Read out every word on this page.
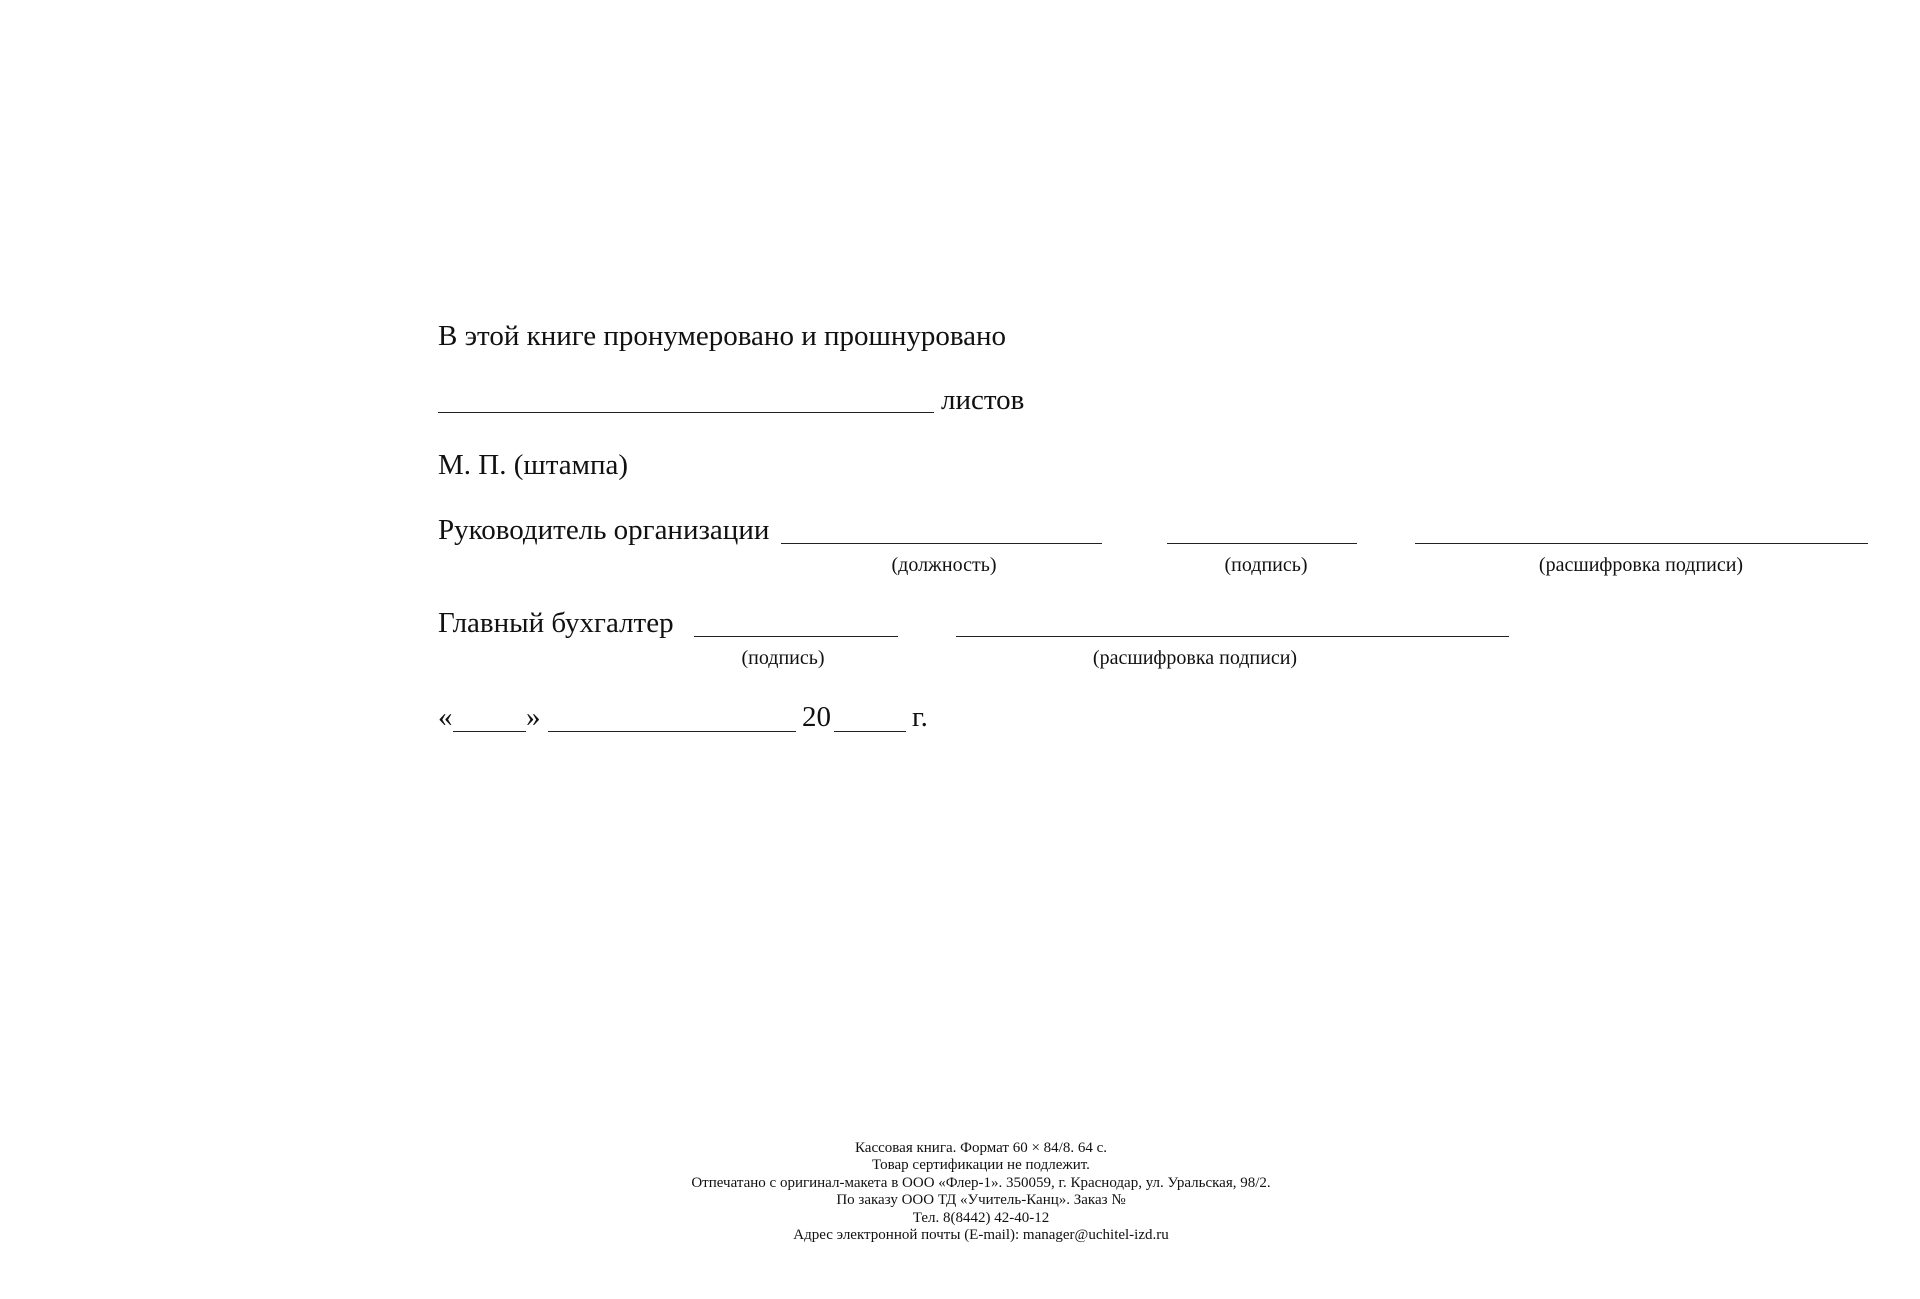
В этой книге пронумеровано и прошнуровано
листов
М. П. (штампа)
Руководитель организации
(должность)	(подпись)	(расшифровка подписи)
Главный бухгалтер
(подпись)	(расшифровка подписи)
«	»	20	г.
Кассовая книга. Формат 60 × 84/8. 64 с.
Товар сертификации не подлежит.
Отпечатано с оригинал-макета в ООО «Флер-1». 350059, г. Краснодар, ул. Уральская, 98/2.
По заказу ООО ТД «Учитель-Канц». Заказ №
Тел. 8(8442) 42-40-12
Адрес электронной почты (E-mail): manager@uchitel-izd.ru
